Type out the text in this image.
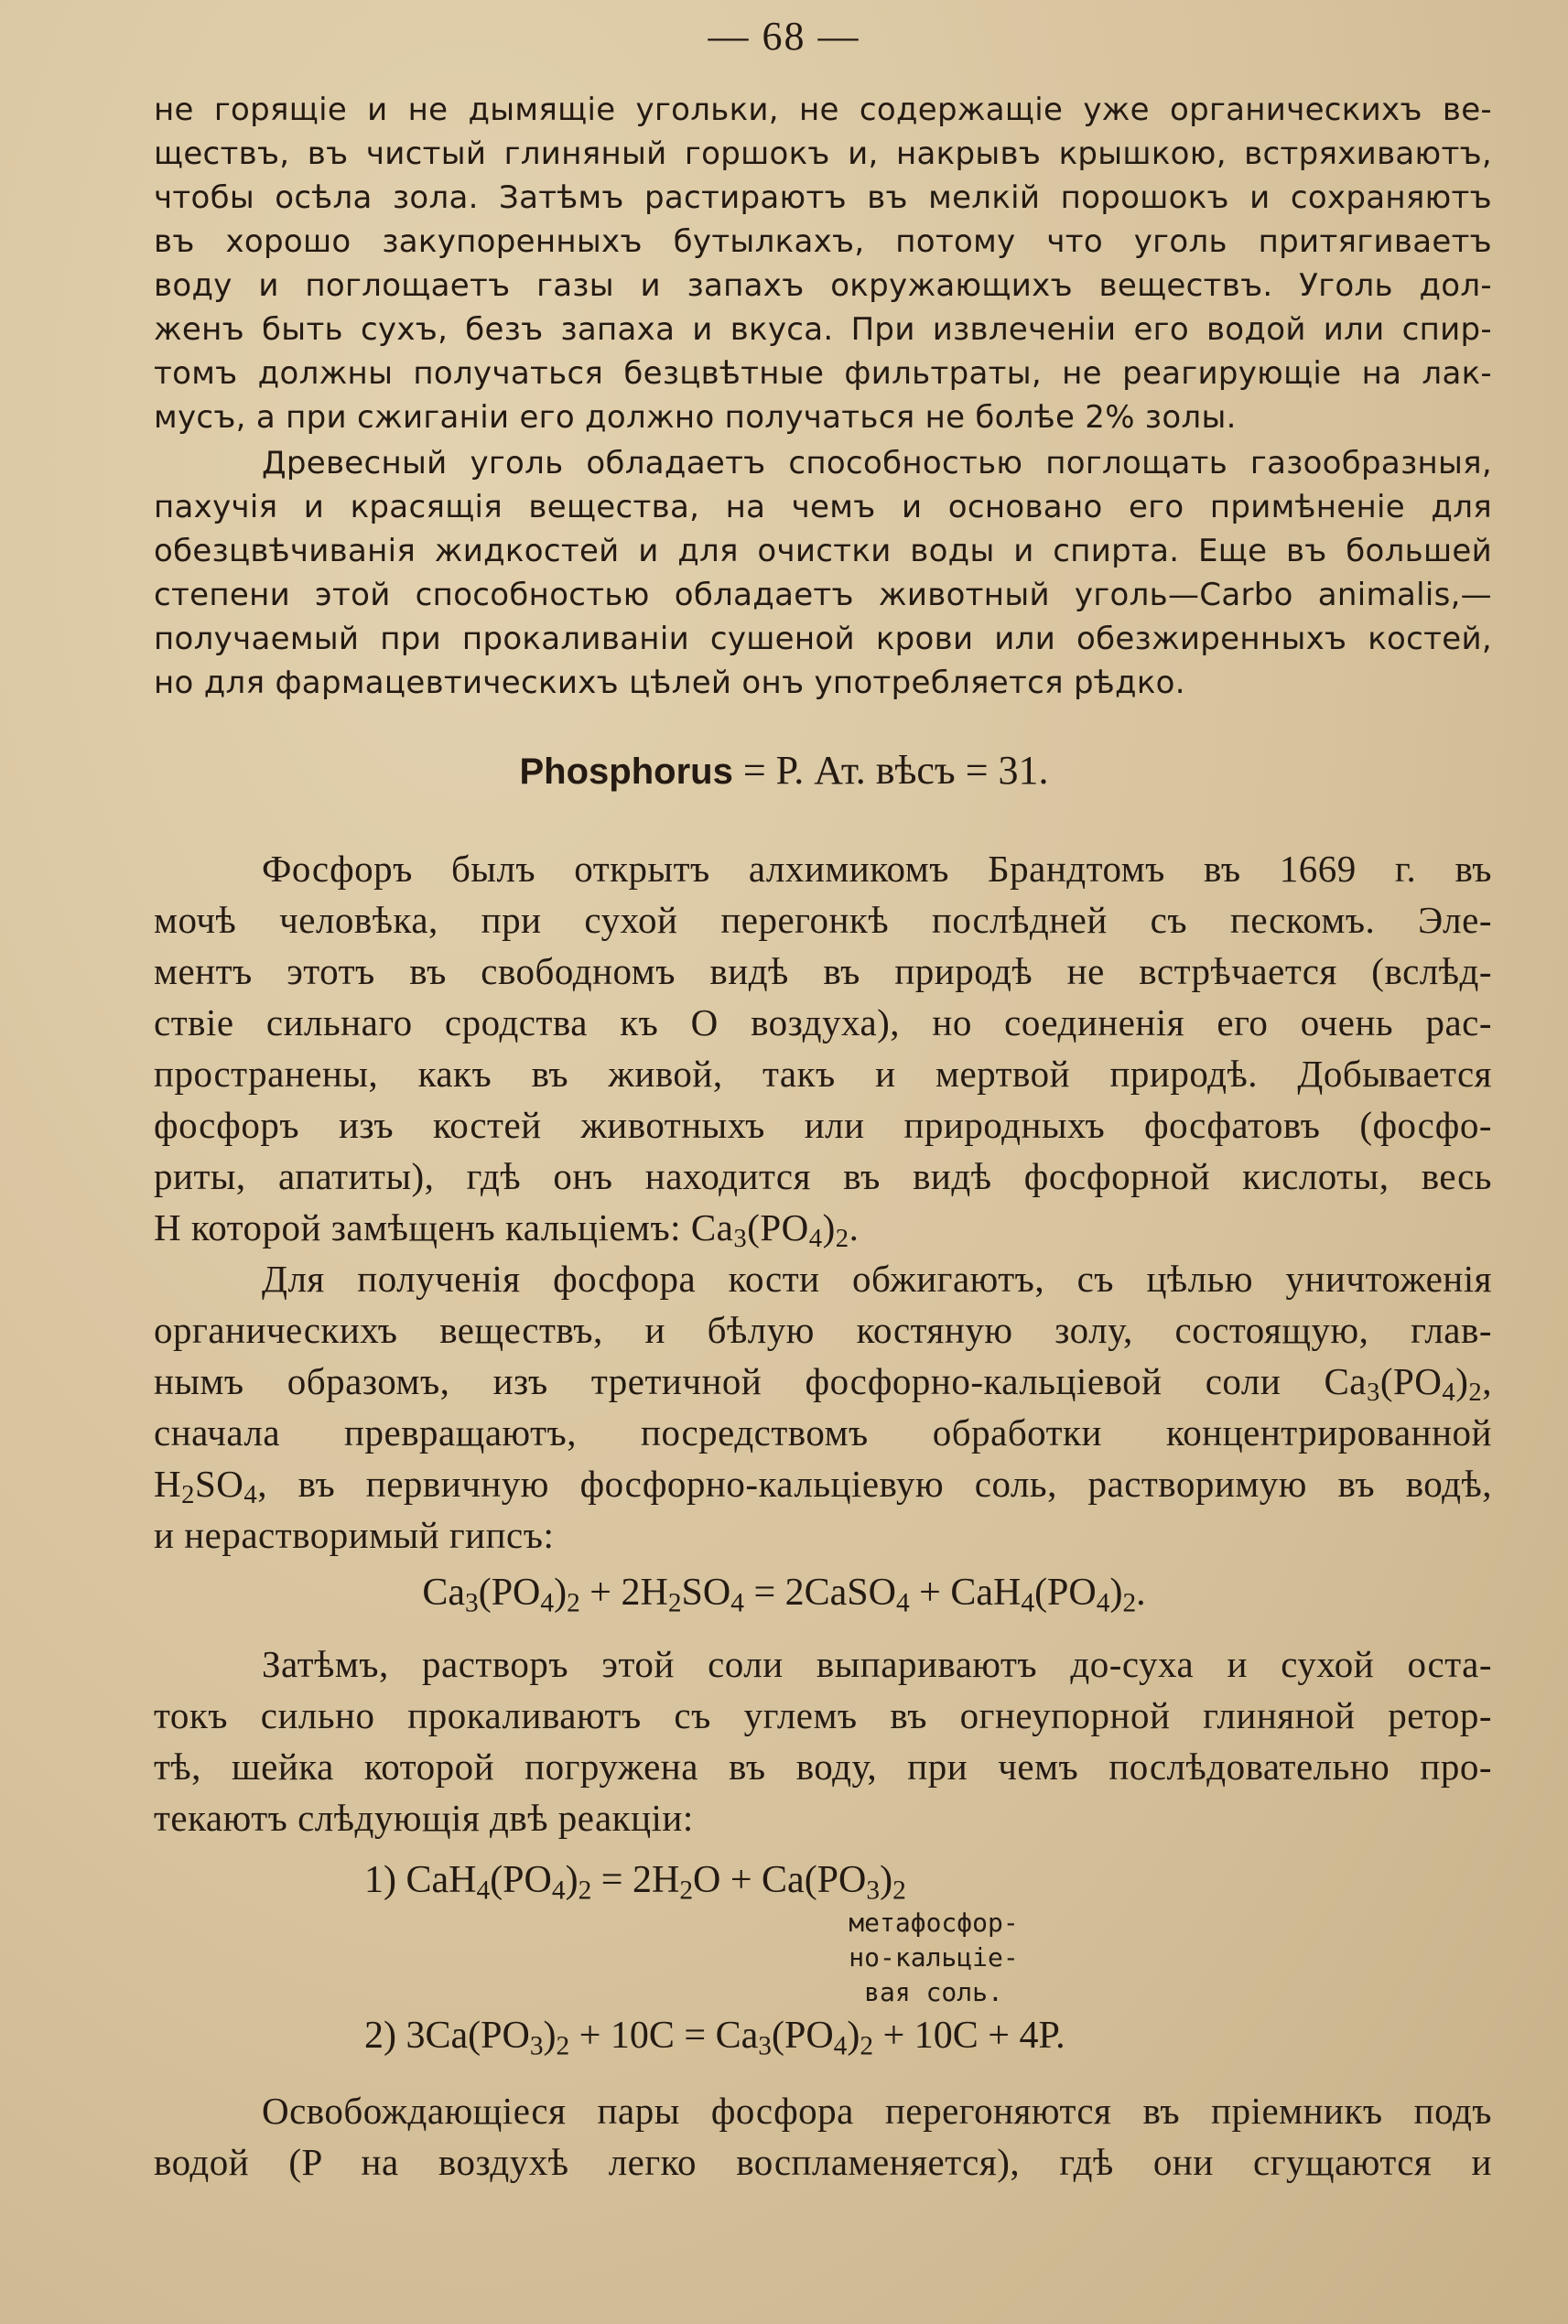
— 68 —
не горящіе и не дымящіе угольки, не содержащіе уже органическихъ ве-
ществъ, въ чистый глиняный горшокъ и, накрывъ крышкою, встряхиваютъ,
чтобы осѣла зола. Затѣмъ растираютъ въ мелкій порошокъ и сохраняютъ
въ хорошо закупоренныхъ бутылкахъ, потому что уголь притягиваетъ
воду и поглощаетъ газы и запахъ окружающихъ веществъ. Уголь дол-
женъ быть сухъ, безъ запаха и вкуса. При извлеченіи его водой или спир-
томъ должны получаться безцвѣтные фильтраты, не реагирующіе на лак-
мусъ, а при сжиганіи его должно получаться не болѣе 2% золы.
Древесный уголь обладаетъ способностью поглощать газообразныя,
пахучія и красящія вещества, на чемъ и основано его примѣненіе для
обезцвѣчиванія жидкостей и для очистки воды и спирта. Еще въ большей
степени этой способностью обладаетъ животный уголь—Carbo animalis,—
получаемый при прокаливаніи сушеной крови или обезжиренныхъ костей,
но для фармацевтическихъ цѣлей онъ употребляется рѣдко.
Phosphorus = P. Ат. вѣсъ = 31.
Фосфоръ былъ открытъ алхимикомъ Брандтомъ въ 1669 г. въ
мочѣ человѣка, при сухой перегонкѣ послѣдней съ пескомъ. Эле-
ментъ этотъ въ свободномъ видѣ въ природѣ не встрѣчается (вслѣд-
ствіе сильнаго сродства къ O воздуха), но соединенія его очень рас-
пространены, какъ въ живой, такъ и мертвой природѣ. Добывается
фосфоръ изъ костей животныхъ или природныхъ фосфатовъ (фосфо-
риты, апатиты), гдѣ онъ находится въ видѣ фосфорной кислоты, весь
H которой замѣщенъ кальціемъ: $Ca_3(PO_4)_2$.
Для полученія фосфора кости обжигаютъ, съ цѣлью уничтоженія
органическихъ веществъ, и бѣлую костяную золу, состоящую, глав-
нымъ образомъ, изъ третичной фосфорно-кальціевой соли $Ca_3(PO_4)_2$,
сначала превращаютъ, посредствомъ обработки концентрированной
$H_2SO_4$, въ первичную фосфорно-кальціевую соль, растворимую въ водѣ,
и нерастворимый гипсъ:
$Ca_3(PO_4)_2 + 2H_2SO_4$ = 2CaSO$_4$ + $CaH_4(PO_4)_2$.
Затѣмъ, растворъ этой соли выпариваютъ до-суха и сухой оста-
токъ сильно прокаливаютъ съ углемъ въ огнеупорной глиняной ретор-
тѣ, шейка которой погружена въ воду, при чемъ послѣдовательно про-
текаютъ слѣдующія двѣ реакціи:
1) $CaH_4(PO_4)_2 = 2H_2O + Ca(PO_3)_2$
метафосфор-
но-кальціе-
вая соль.
2) $3Ca(PO_3)_2 + 10C = Ca_3(PO_4)_2 + 10C + 4P$.
Освобождающіеся пары фосфора перегоняются въ пріемникъ подъ
водой (P на воздухѣ легко воспламеняется), гдѣ они сгущаются и
